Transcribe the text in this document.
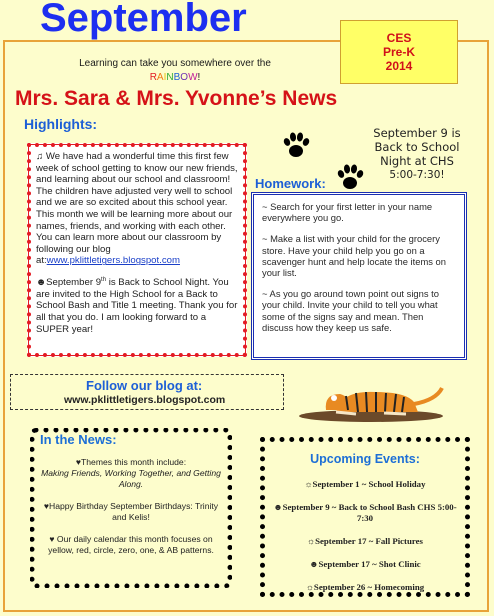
September	CES
Pre-K
2014
Learning can take you somewhere over the
RAINBOW!
Mrs. Sara & Mrs. Yvonne’s News
Highlights:

♫ We have had a wonderful time this first few week of school getting to know our new friends, and learning about our school and classroom! The children have adjusted very well to school and we are so excited about this school year. This month we will be learning more about our names, friends, and working with each other. You can learn more about our classroom by following our blog at:www.pklittletigers.blogspot.com

☻September 9th is Back to School Night. You are invited to the High School for a Back to School Bash and Title 1 meeting. Thank you for all that you do. I am looking forward to a SUPER year!

September 9 is
Back to School
Night at CHS
5:00-7:30!
Homework:

~ Search for your first letter in your name everywhere you go.

~ Make a list with your child for the grocery store. Have your child help you go on a scavenger hunt and help locate the items on your list.

~ As you go around town point out signs to your child. Invite your child to tell you what some of the signs say and mean. Then discuss how they keep us safe.

Follow our blog at:
www.pklittletigers.blogspot.com

♥Themes this month include:
Making Friends, Working Together, and Getting Along.

♥Happy Birthday September Birthdays: Trinity and Kelis!

♥ Our daily calendar this month focuses on yellow, red, circle, zero, one, & AB patterns.

In the News:
Upcoming Events:
☼September 1 ~ School Holiday
☻September 9 ~ Back to School Bash CHS 5:00-7:30
☼September 17 ~ Fall Pictures
☻September 17 ~ Shot Clinic
☼September 26 ~ Homecoming
